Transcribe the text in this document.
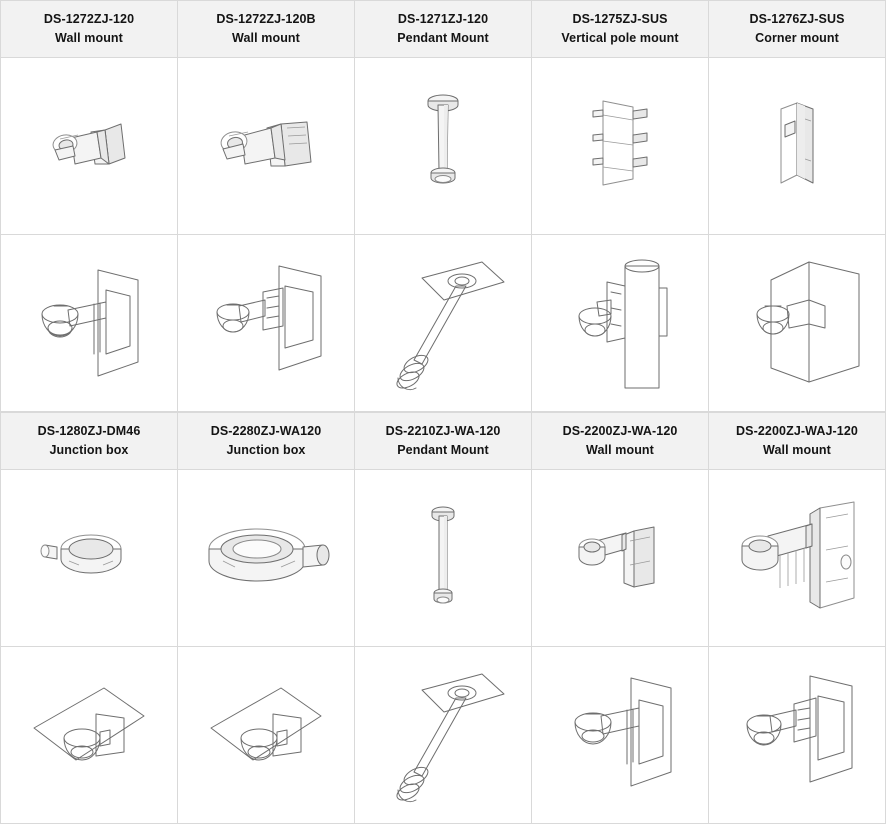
DS-1272ZJ-120
Wall mount

DS-1272ZJ-120B
Wall mount

DS-1271ZJ-120
Pendant Mount

DS-1275ZJ-SUS
Vertical pole mount

DS-1276ZJ-SUS
Corner mount

DS-1280ZJ-DM46
Junction box

DS-2280ZJ-WA120
Junction box

DS-2210ZJ-WA-120
Pendant Mount

DS-2200ZJ-WA-120
Wall mount

DS-2200ZJ-WAJ-120
Wall mount
